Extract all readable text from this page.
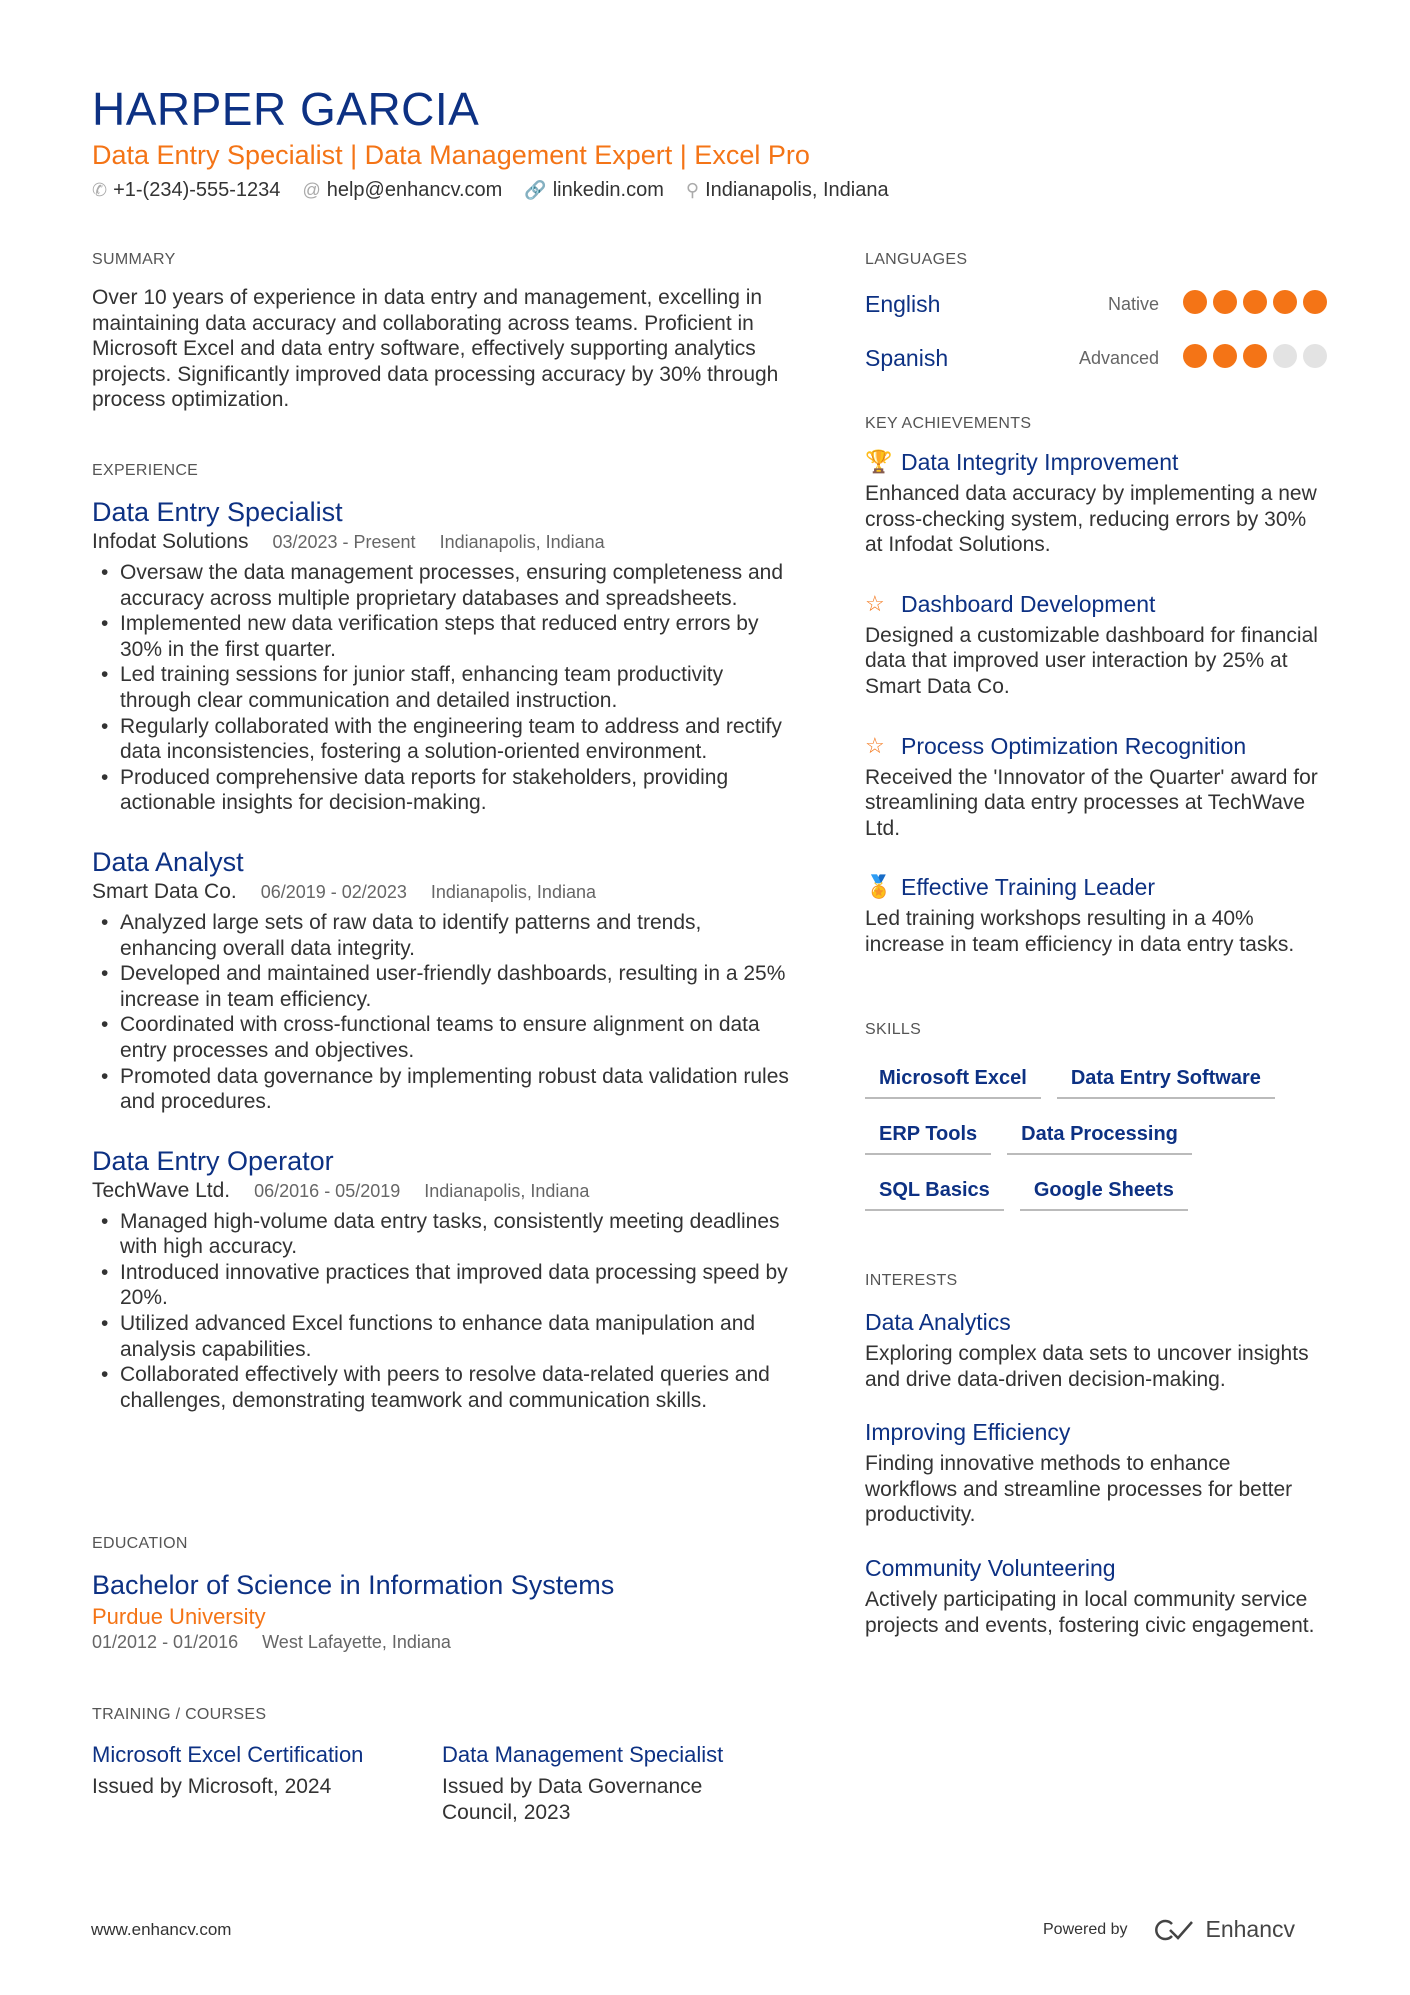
HARPER GARCIA
Data Entry Specialist | Data Management Expert | Excel Pro
✆ +1-(234)-555-1234 @ help@enhancv.com 🔗 linkedin.com ⚲ Indianapolis, Indiana
SUMMARY
Over 10 years of experience in data entry and management, excelling in maintaining data accuracy and collaborating across teams. Proficient in Microsoft Excel and data entry software, effectively supporting analytics projects. Significantly improved data processing accuracy by 30% through process optimization.
EXPERIENCE
Data Entry Specialist
Infodat Solutions 03/2023 - Present Indianapolis, Indiana
• Oversaw the data management processes, ensuring completeness and accuracy across multiple proprietary databases and spreadsheets.
• Implemented new data verification steps that reduced entry errors by 30% in the first quarter.
• Led training sessions for junior staff, enhancing team productivity through clear communication and detailed instruction.
• Regularly collaborated with the engineering team to address and rectify data inconsistencies, fostering a solution-oriented environment.
• Produced comprehensive data reports for stakeholders, providing actionable insights for decision-making.
Data Analyst
Smart Data Co. 06/2019 - 02/2023 Indianapolis, Indiana
• Analyzed large sets of raw data to identify patterns and trends, enhancing overall data integrity.
• Developed and maintained user-friendly dashboards, resulting in a 25% increase in team efficiency.
• Coordinated with cross-functional teams to ensure alignment on data entry processes and objectives.
• Promoted data governance by implementing robust data validation rules and procedures.
Data Entry Operator
TechWave Ltd. 06/2016 - 05/2019 Indianapolis, Indiana
• Managed high-volume data entry tasks, consistently meeting deadlines with high accuracy.
• Introduced innovative practices that improved data processing speed by 20%.
• Utilized advanced Excel functions to enhance data manipulation and analysis capabilities.
• Collaborated effectively with peers to resolve data-related queries and challenges, demonstrating teamwork and communication skills.
EDUCATION
Bachelor of Science in Information Systems
Purdue University
01/2012 - 01/2016 West Lafayette, Indiana
TRAINING / COURSES
Microsoft Excel Certification
Issued by Microsoft, 2024
Data Management Specialist
Issued by Data Governance Council, 2023
LANGUAGES
English	Native
Spanish	Advanced
KEY ACHIEVEMENTS
🏆 Data Integrity Improvement
Enhanced data accuracy by implementing a new cross-checking system, reducing errors by 30% at Infodat Solutions.
☆ Dashboard Development
Designed a customizable dashboard for financial data that improved user interaction by 25% at Smart Data Co.
☆ Process Optimization Recognition
Received the 'Innovator of the Quarter' award for streamlining data entry processes at TechWave Ltd.
🏅 Effective Training Leader
Led training workshops resulting in a 40% increase in team efficiency in data entry tasks.
SKILLS
Microsoft Excel	Data Entry Software
ERP Tools	Data Processing
SQL Basics	Google Sheets
INTERESTS
Data Analytics
Exploring complex data sets to uncover insights and drive data-driven decision-making.
Improving Efficiency
Finding innovative methods to enhance workflows and streamline processes for better productivity.
Community Volunteering
Actively participating in local community service projects and events, fostering civic engagement.
www.enhancv.com	Powered by	Enhancv
